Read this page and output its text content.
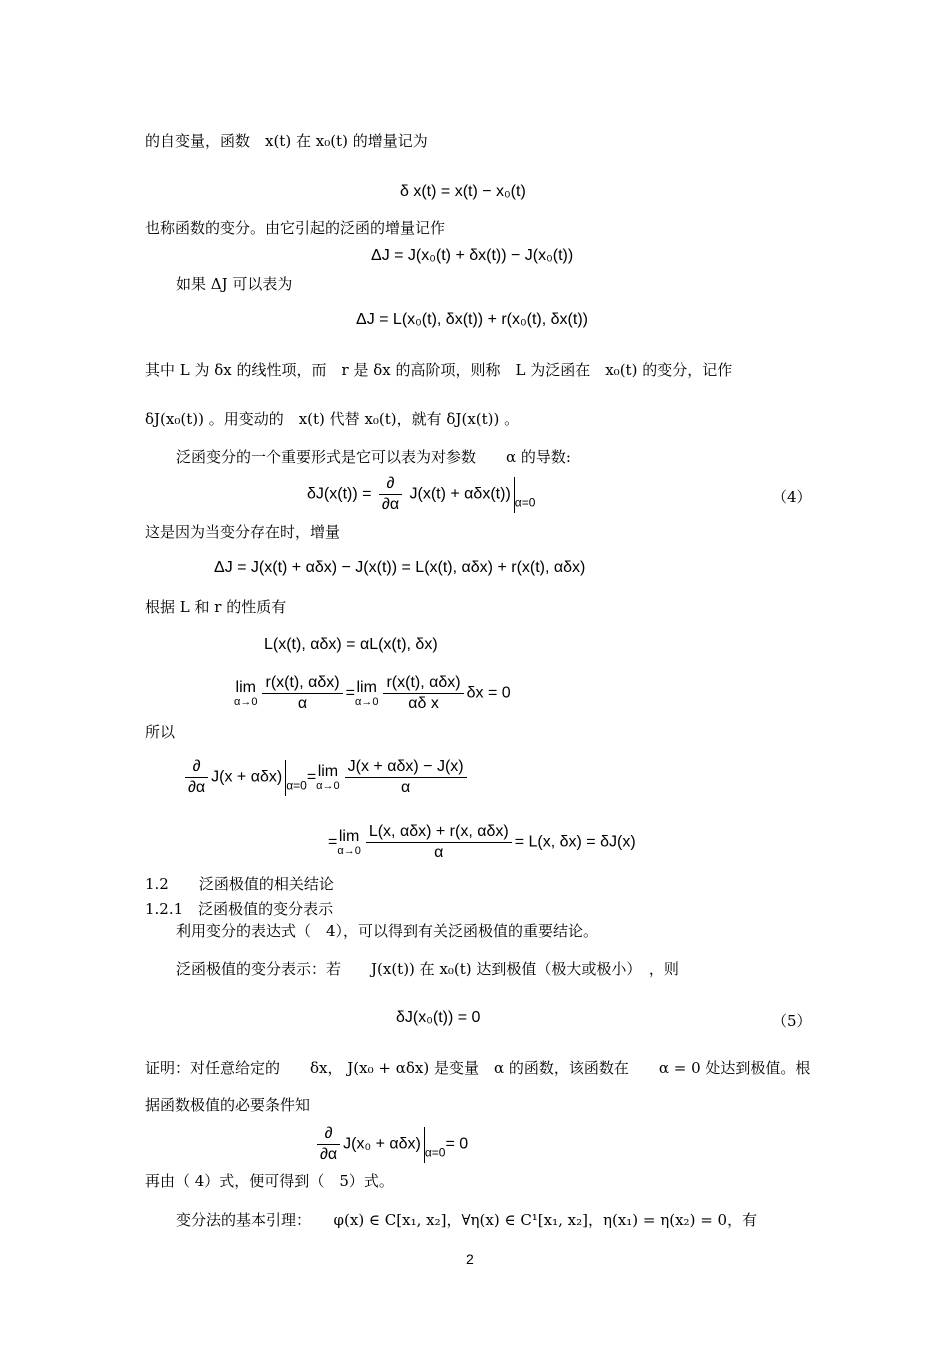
的自变量，函数　x(t) 在 x₀(t) 的增量记为
δ x(t) = x(t) − x₀(t)
也称函数的变分。由它引起的泛函的增量记作
ΔJ = J(x₀(t) + δx(t)) − J(x₀(t))
如果 ΔJ 可以表为
ΔJ = L(x₀(t), δx(t)) + r(x₀(t), δx(t))
其中 L 为 δx 的线性项，而　r 是 δx 的高阶项，则称　L 为泛函在　x₀(t) 的变分，记作
δJ(x₀(t)) 。用变动的　x(t) 代替 x₀(t)，就有 δJ(x(t)) 。
泛函变分的一个重要形式是它可以表为对参数　　α 的导数:
$\delta J(x(t)) = \frac{\partial}{\partial\alpha} J(x(t) + \alpha\delta x(t))$ $_{\alpha=0}$	（4）
这是因为当变分存在时，增量
ΔJ = J(x(t) + αδx) − J(x(t)) = L(x(t), αδx) + r(x(t), αδx)
根据 L 和 r 的性质有
L(x(t), αδx) = αL(x(t), δx)
lim
$\alpha\to 0 \frac{\text{r(x(t), αδx)}}{\alpha} =\lim$
$\alpha\to 0 \frac{\text{r(x(t), αδx)}}{\text{αδ x}}$ δx = 0
所以
$\frac{\partial}{\partial\alpha} J(x + \alpha\delta x)$ $_{\alpha=0}$=lim
$\alpha\to 0 \frac{\text{J(x + αδx) − J(x)}}{\alpha}$
=lim
$\alpha\to 0 \frac{\text{L(x, αδx) + r(x, αδx)}}{\alpha} = L(x$, δx) = δJ(x)
1.2　　泛函极值的相关结论
1.2.1　泛函极值的变分表示
利用变分的表达式（　4），可以得到有关泛函极值的重要结论。
泛函极值的变分表示：若　　J(x(t)) 在 x₀(t) 达到极值（极大或极小）　，则
δJ(x₀(t)) = 0	（5）
证明：对任意给定的　　δx， J(x₀ + αδx) 是变量　α 的函数，该函数在　　α = 0 处达到极值。根
据函数极值的必要条件知
$\frac{\partial}{\partial\alpha} J(x_0 + \alpha\delta x)$ $_{\alpha=0}$= 0
再由（ 4）式，便可得到（　5）式。
变分法的基本引理：　　φ(x) ∈ C[x₁, x₂]，∀η(x) ∈ C¹[x₁, x₂]，η(x₁) = η(x₂) = 0，有
2
